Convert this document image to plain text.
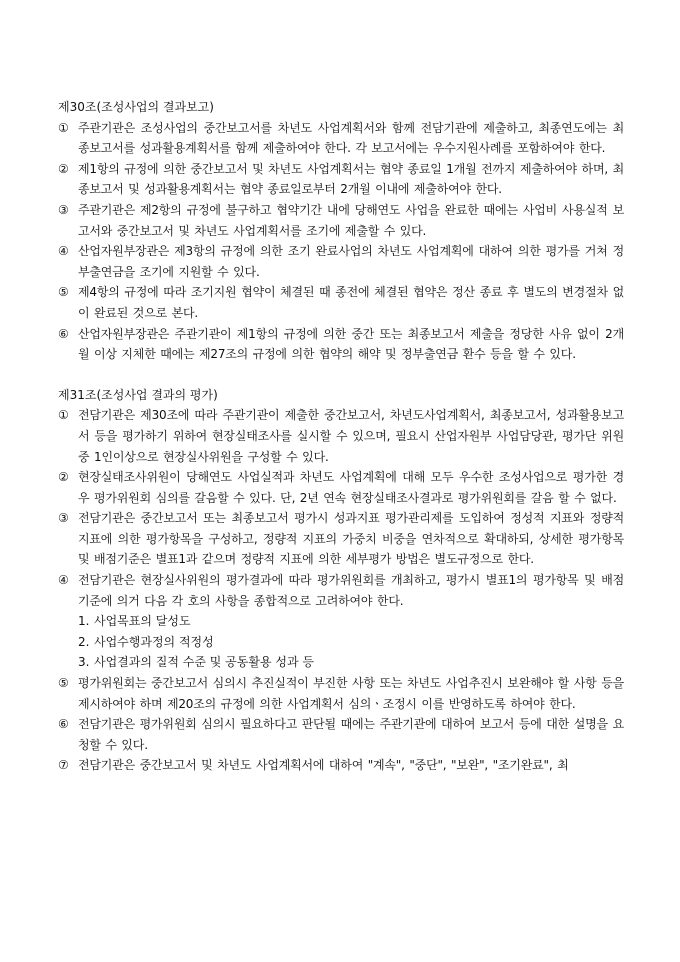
제30조(조성사업의 결과보고)
① 주관기관은 조성사업의 중간보고서를 차년도 사업계획서와 함께 전담기관에 제출하고, 최종연도에는 최종보고서를 성과활용계획서를 함께 제출하여야 한다. 각 보고서에는 우수지원사례를 포함하여야 한다.
② 제1항의 규정에 의한 중간보고서 및 차년도 사업계획서는 협약 종료일 1개월 전까지 제출하여야 하며, 최종보고서 및 성과활용계획서는 협약 종료일로부터 2개월 이내에 제출하여야 한다.
③ 주관기관은 제2항의 규정에 불구하고 협약기간 내에 당해연도 사업을 완료한 때에는 사업비 사용실적 보고서와 중간보고서 및 차년도 사업계획서를 조기에 제출할 수 있다.
④ 산업자원부장관은 제3항의 규정에 의한 조기 완료사업의 차년도 사업계획에 대하여 의한 평가를 거쳐 정부출연금을 조기에 지원할 수 있다.
⑤ 제4항의 규정에 따라 조기지원 협약이 체결된 때 종전에 체결된 협약은 정산 종료 후 별도의 변경절차 없이 완료된 것으로 본다.
⑥ 산업자원부장관은 주관기관이 제1항의 규정에 의한 중간 또는 최종보고서 제출을 정당한 사유 없이 2개월 이상 지체한 때에는 제27조의 규정에 의한 협약의 해약 및 정부출연금 환수 등을 할 수 있다.
제31조(조성사업 결과의 평가)
① 전담기관은 제30조에 따라 주관기관이 제출한 중간보고서, 차년도사업계획서, 최종보고서, 성과활용보고서 등을 평가하기 위하여 현장실태조사를 실시할 수 있으며, 필요시 산업자원부 사업담당관, 평가단 위원중 1인이상으로 현장실사위원을 구성할 수 있다.
② 현장실태조사위원이 당해연도 사업실적과 차년도 사업계획에 대해 모두 우수한 조성사업으로 평가한 경우 평가위원회 심의를 갈음할 수 있다. 단, 2년 연속 현장실태조사결과로 평가위원회를 갈음 할 수 없다.
③ 전담기관은 중간보고서 또는 최종보고서 평가시 성과지표 평가관리제를 도입하여 정성적 지표와 정량적 지표에 의한 평가항목을 구성하고, 정량적 지표의 가중치 비중을 연차적으로 확대하되, 상세한 평가항목 및 배점기준은 별표1과 같으며 정량적 지표에 의한 세부평가 방법은 별도규정으로 한다.
④ 전담기관은 현장실사위원의 평가결과에 따라 평가위원회를 개최하고, 평가시 별표1의 평가항목 및 배점기준에 의거 다음 각 호의 사항을 종합적으로 고려하여야 한다.
1. 사업목표의 달성도
2. 사업수행과정의 적정성
3. 사업결과의 질적 수준 및 공동활용 성과 등
⑤ 평가위원회는 중간보고서 심의시 추진실적이 부진한 사항 또는 차년도 사업추진시 보완해야 할 사항 등을 제시하여야 하며 제20조의 규정에 의한 사업계획서 심의ㆍ조정시 이를 반영하도록 하여야 한다.
⑥ 전담기관은 평가위원회 심의시 필요하다고 판단될 때에는 주관기관에 대하여 보고서 등에 대한 설명을 요청할 수 있다.
⑦ 전담기관은 중간보고서 및 차년도 사업계획서에 대하여 "계속", "중단", "보완", "조기완료", 최
